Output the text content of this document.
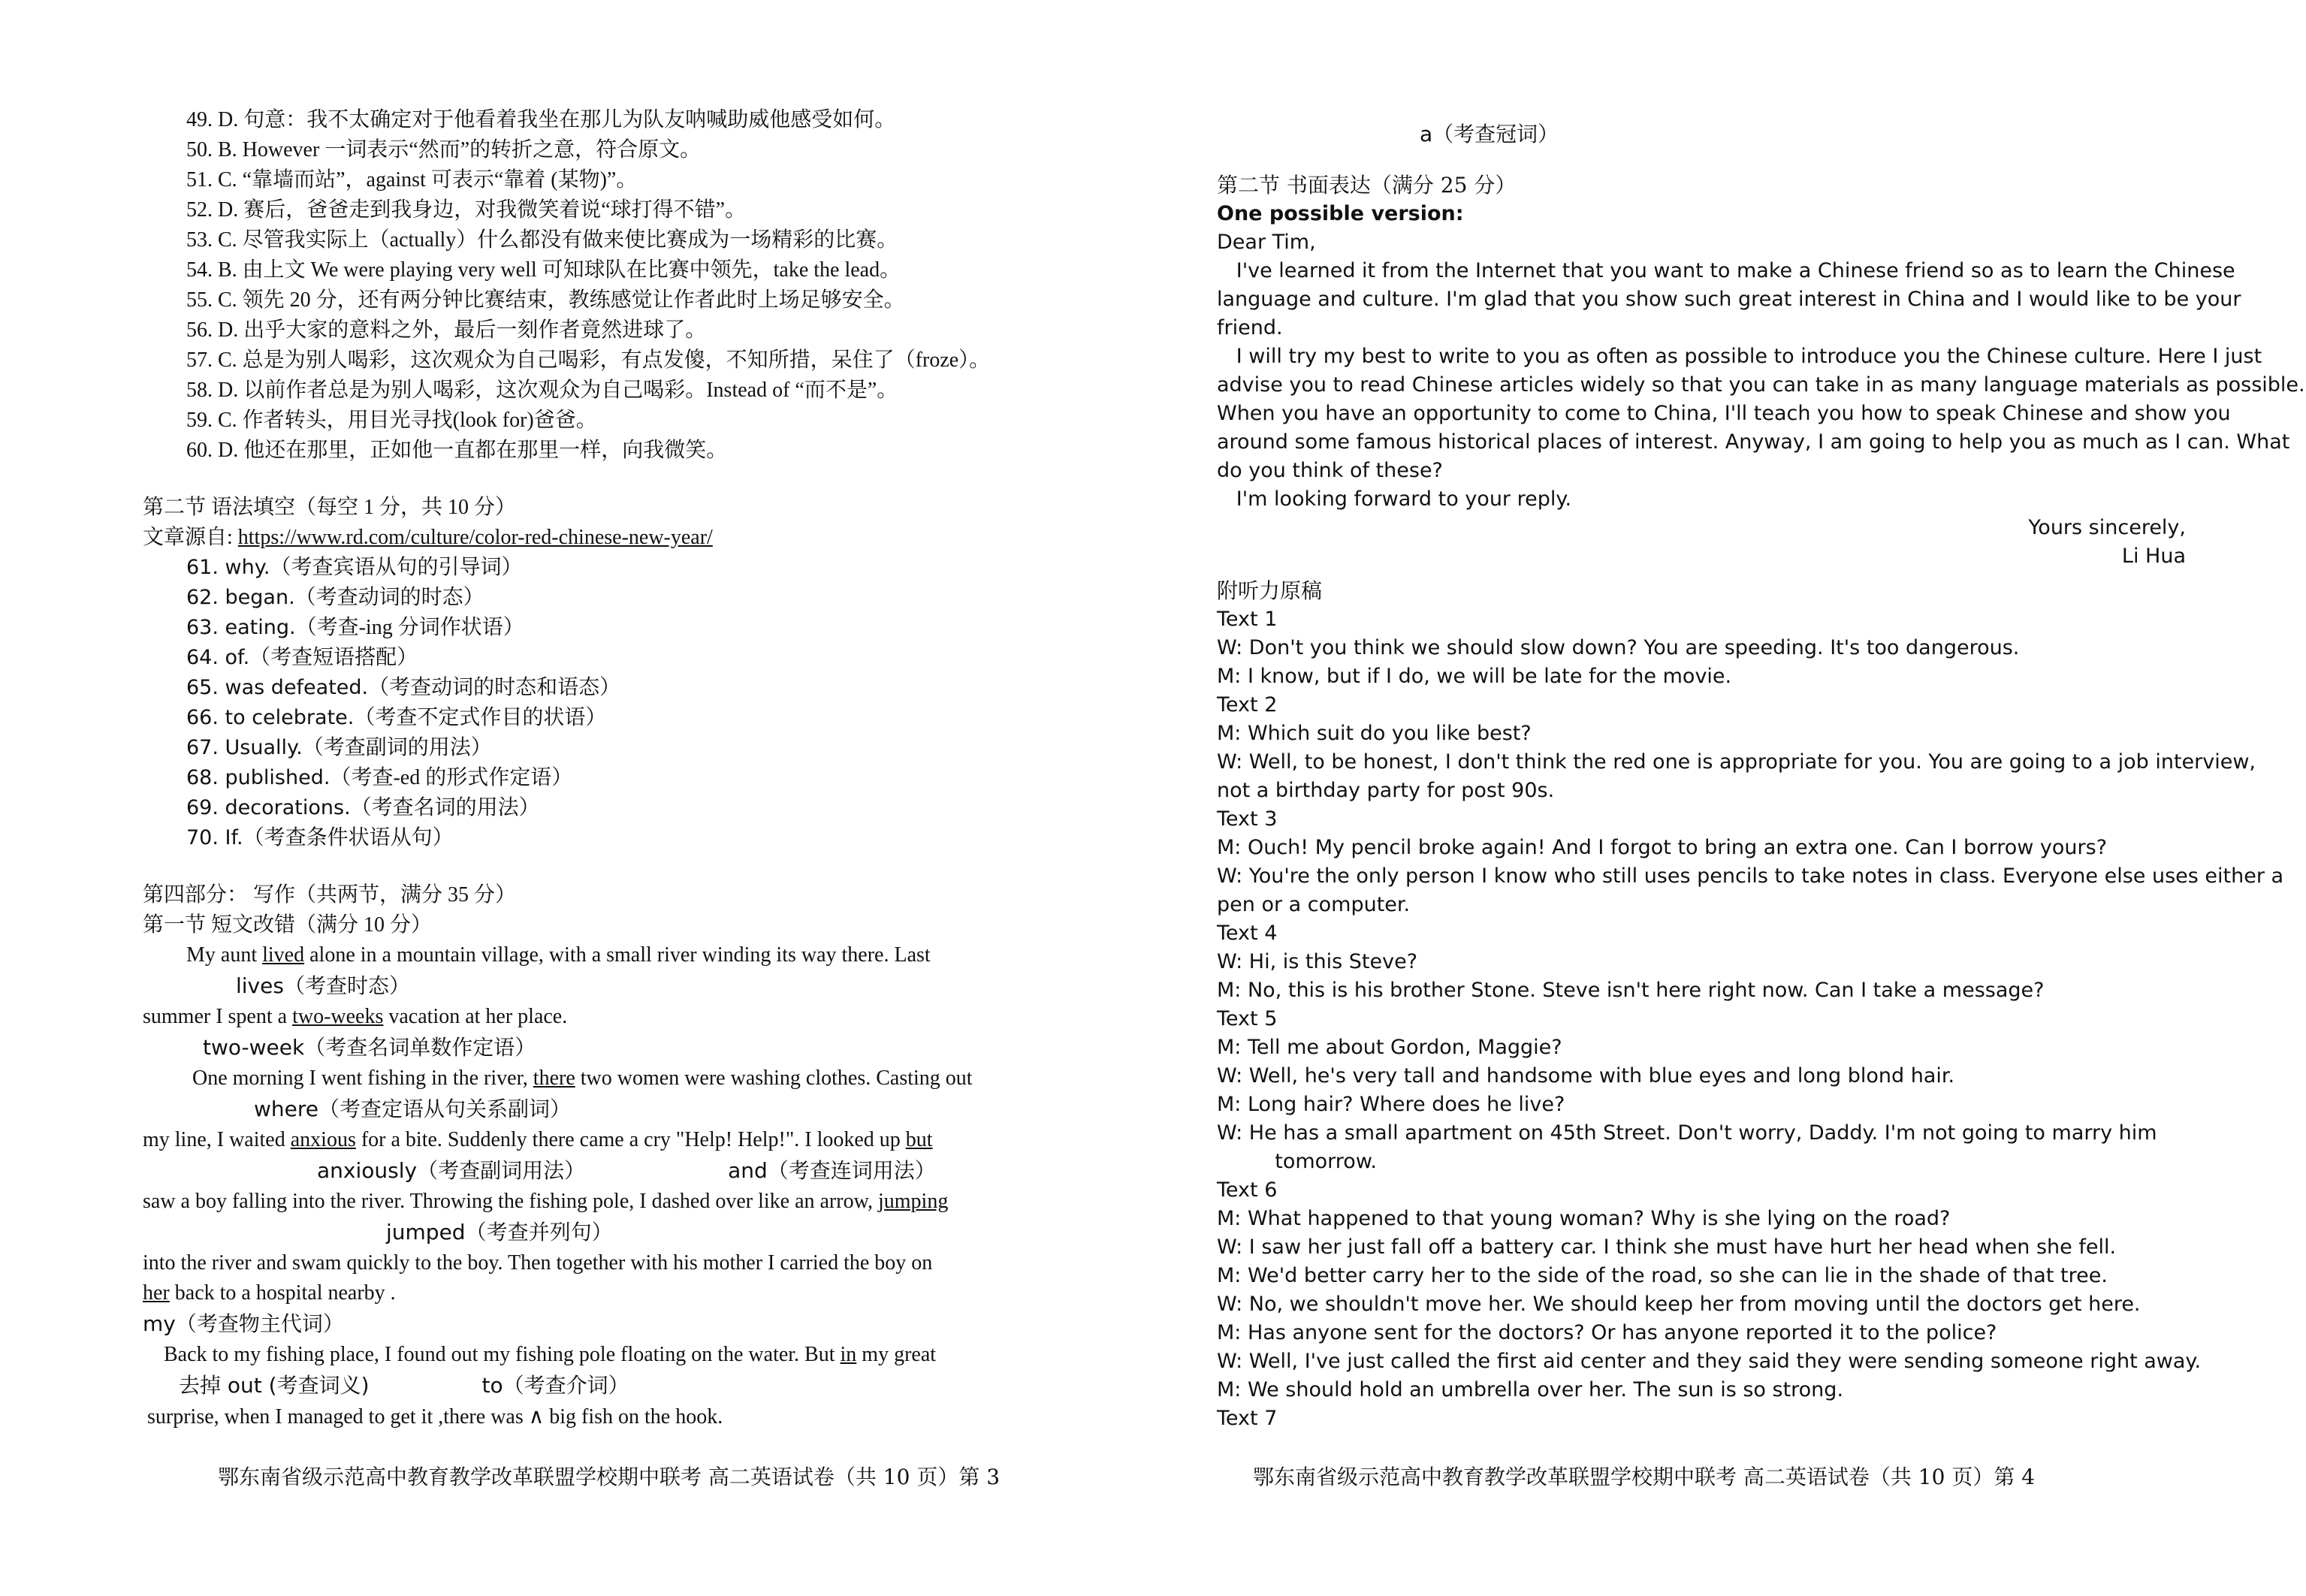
49. D. 句意：我不太确定对于他看着我坐在那儿为队友呐喊助威他感受如何。
50. B. However 一词表示“然而”的转折之意，符合原文。
51. C. “靠墙而站”，against 可表示“靠着 (某物)”。
52. D. 赛后，爸爸走到我身边，对我微笑着说“球打得不错”。
53. C. 尽管我实际上（actually）什么都没有做来使比赛成为一场精彩的比赛。
54. B. 由上文 We were playing very well 可知球队在比赛中领先，take the lead。
55. C. 领先 20 分，还有两分钟比赛结束，教练感觉让作者此时上场足够安全。
56. D. 出乎大家的意料之外，最后一刻作者竟然进球了。
57. C. 总是为别人喝彩，这次观众为自己喝彩，有点发傻，不知所措，呆住了（froze）。
58. D. 以前作者总是为别人喝彩，这次观众为自己喝彩。Instead of “而不是”。
59. C. 作者转头，用目光寻找(look for)爸爸。
60. D. 他还在那里，正如他一直都在那里一样，向我微笑。
第二节 语法填空（每空 1 分，共 10 分）
文章源自: https://www.rd.com/culture/color-red-chinese-new-year/
61. why.（考查宾语从句的引导词）
62. began.（考查动词的时态）
63. eating.（考查-ing 分词作状语）
64. of.（考查短语搭配）
65. was defeated.（考查动词的时态和语态）
66. to celebrate.（考查不定式作目的状语）
67. Usually.（考查副词的用法）
68. published.（考查-ed 的形式作定语）
69. decorations.（考查名词的用法）
70. If.（考查条件状语从句）
第四部分： 写作（共两节，满分 35 分）
第一节 短文改错（满分 10 分）
My aunt lived alone in a mountain village, with a small river winding its way there. Last
lives（考查时态）
summer I spent a two-weeks vacation at her place.
two-week（考查名词单数作定语）
One morning I went fishing in the river, there two women were washing clothes. Casting out
where（考查定语从句关系副词）
my line, I waited anxious for a bite. Suddenly there came a cry "Help! Help!". I looked up but
anxiously（考查副词用法）	and（考查连词用法）
saw a boy falling into the river. Throwing the fishing pole, I dashed over like an arrow, jumping
jumped（考查并列句）
into the river and swam quickly to the boy. Then together with his mother I carried the boy on
her back to a hospital nearby .
my（考查物主代词）
Back to my fishing place, I found out my fishing pole floating on the water. But in my great
去掉 out (考查词义)	to（考查介词）
surprise, when I managed to get it ,there was ∧ big fish on the hook.
鄂东南省级示范高中教育教学改革联盟学校期中联考 高二英语试卷（共 10 页）第 3
a（考查冠词）
第二节 书面表达（满分 25 分）
One possible version:
Dear Tim,
I've learned it from the Internet that you want to make a Chinese friend so as to learn the Chinese
language and culture. I'm glad that you show such great interest in China and I would like to be your
friend.
I will try my best to write to you as often as possible to introduce you the Chinese culture. Here I just
advise you to read Chinese articles widely so that you can take in as many language materials as possible.
When you have an opportunity to come to China, I'll teach you how to speak Chinese and show you
around some famous historical places of interest. Anyway, I am going to help you as much as I can. What
do you think of these?
I'm looking forward to your reply.
Yours sincerely,
Li Hua
附听力原稿
Text 1
W: Don't you think we should slow down? You are speeding. It's too dangerous.
M: I know, but if I do, we will be late for the movie.
Text 2
M: Which suit do you like best?
W: Well, to be honest, I don't think the red one is appropriate for you. You are going to a job interview,
not a birthday party for post 90s.
Text 3
M: Ouch! My pencil broke again! And I forgot to bring an extra one. Can I borrow yours?
W: You're the only person I know who still uses pencils to take notes in class. Everyone else uses either a
pen or a computer.
Text 4
W: Hi, is this Steve?
M: No, this is his brother Stone. Steve isn't here right now. Can I take a message?
Text 5
M: Tell me about Gordon, Maggie?
W: Well, he's very tall and handsome with blue eyes and long blond hair.
M: Long hair? Where does he live?
W: He has a small apartment on 45th Street. Don't worry, Daddy. I'm not going to marry him
tomorrow.
Text 6
M: What happened to that young woman? Why is she lying on the road?
W: I saw her just fall off a battery car. I think she must have hurt her head when she fell.
M: We'd better carry her to the side of the road, so she can lie in the shade of that tree.
W: No, we shouldn't move her. We should keep her from moving until the doctors get here.
M: Has anyone sent for the doctors? Or has anyone reported it to the police?
W: Well, I've just called the first aid center and they said they were sending someone right away.
M: We should hold an umbrella over her. The sun is so strong.
Text 7
鄂东南省级示范高中教育教学改革联盟学校期中联考 高二英语试卷（共 10 页）第 4
